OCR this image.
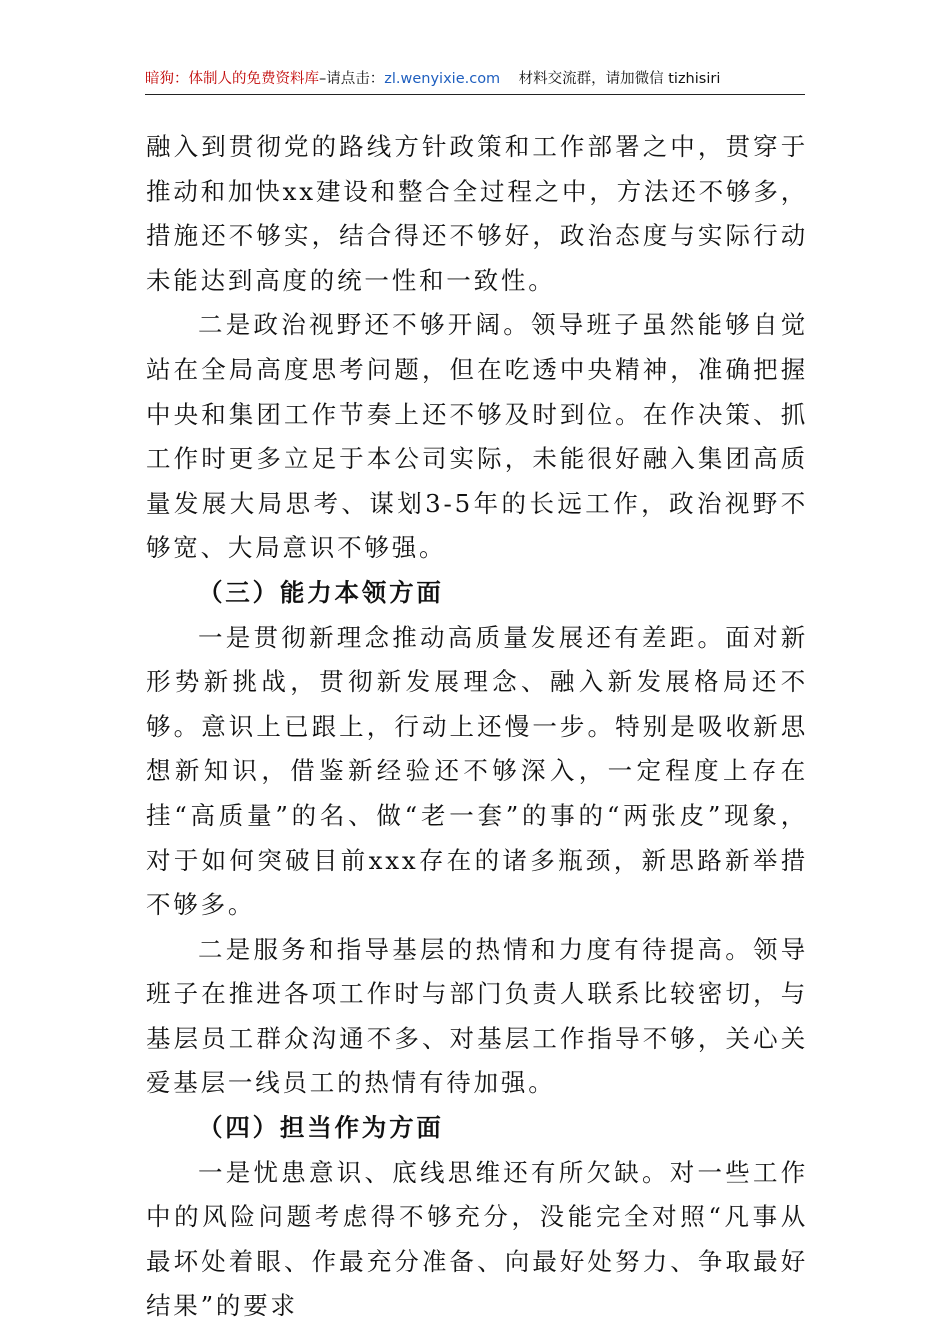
暗狗：体制人的免费资料库–请点击：zl.wenyixie.com 材料交流群，请加微信 tizhisiri

融入到贯彻党的路线方针政策和工作部署之中，贯穿于推动和加快xx建设和整合全过程之中，方法还不够多，措施还不够实，结合得还不够好，政治态度与实际行动未能达到高度的统一性和一致性。

二是政治视野还不够开阔。领导班子虽然能够自觉站在全局高度思考问题，但在吃透中央精神，准确把握中央和集团工作节奏上还不够及时到位。在作决策、抓工作时更多立足于本公司实际，未能很好融入集团高质量发展大局思考、谋划3-5年的长远工作，政治视野不够宽、大局意识不够强。

（三）能力本领方面

一是贯彻新理念推动高质量发展还有差距。面对新形势新挑战，贯彻新发展理念、融入新发展格局还不够。意识上已跟上，行动上还慢一步。特别是吸收新思想新知识，借鉴新经验还不够深入，一定程度上存在挂“高质量”的名、做“老一套”的事的“两张皮”现象，对于如何突破目前xxx存在的诸多瓶颈，新思路新举措不够多。

二是服务和指导基层的热情和力度有待提高。领导班子在推进各项工作时与部门负责人联系比较密切，与基层员工群众沟通不多、对基层工作指导不够，关心关爱基层一线员工的热情有待加强。

（四）担当作为方面

一是忧患意识、底线思维还有所欠缺。对一些工作中的风险问题考虑得不够充分，没能完全对照“凡事从最坏处着眼、作最充分准备、向最好处努力、争取最好结果”的要求
